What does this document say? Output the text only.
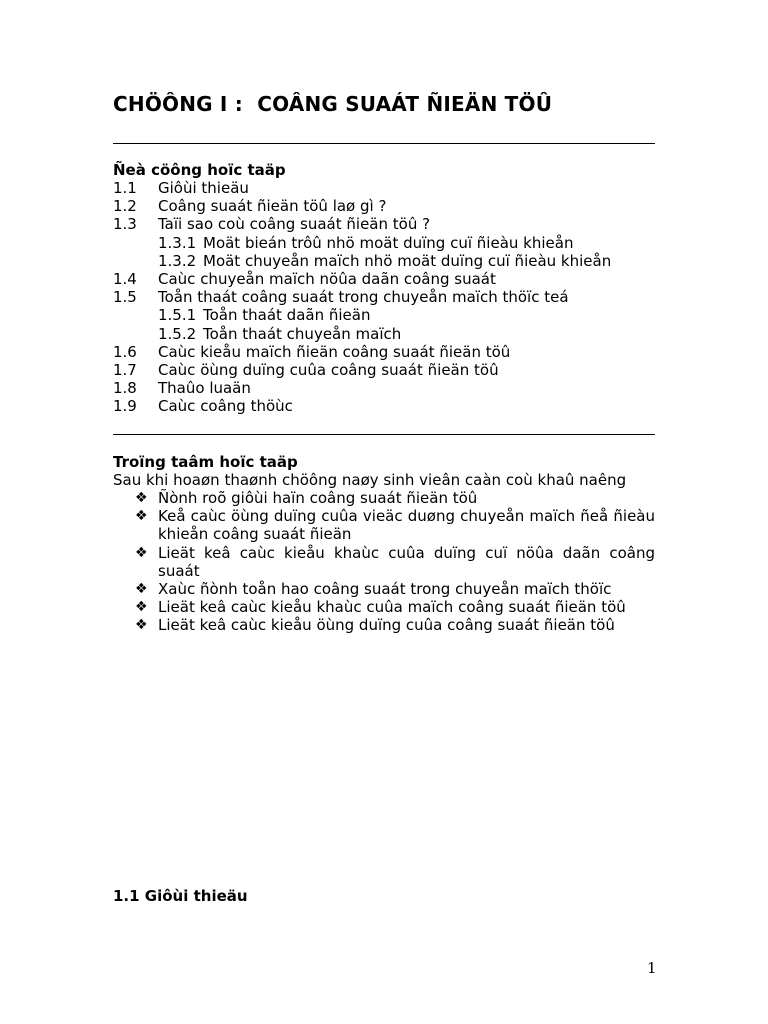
CHÖÔNG I :  COÂNG SUAÁT ÑIEÄN TÖÛ
Ñeà cöông hoïc taäp
1.1 Giôùi thieäu
1.2 Coâng suaát ñieän töû laø gì ?
1.3 Taïi sao coù coâng suaát ñieän töû ?
1.3.1 Moät bieán trôû nhö moät duïng cuï ñieàu khieån
1.3.2 Moät chuyeån maïch nhö moät duïng cuï ñieàu khieån
1.4 Caùc chuyeån maïch nöûa daãn coâng suaát
1.5 Toån thaát coâng suaát trong chuyeån maïch thöïc teá
1.5.1 Toån thaát daãn ñieän
1.5.2 Toån thaát chuyeån maïch
1.6 Caùc kieåu maïch ñieän coâng suaát ñieän töû
1.7 Caùc öùng duïng cuûa coâng suaát ñieän töû
1.8 Thaûo luaän
1.9 Caùc coâng thöùc
Troïng taâm hoïc taäp
Sau khi hoaøn thaønh chöông naøy sinh vieân caàn coù khaû naêng
❖ Ñònh roõ giôùi haïn coâng suaát ñieän töû
❖ Keå caùc öùng duïng cuûa vieäc duøng chuyeån maïch ñeå ñieàu khieån coâng suaát ñieän
❖ Lieät keâ caùc kieåu khaùc cuûa duïng cuï nöûa daãn coâng suaát
❖ Xaùc ñònh toån hao coâng suaát trong chuyeån maïch thöïc
❖ Lieät keâ caùc kieåu khaùc cuûa maïch coâng suaát ñieän töû
❖ Lieät keâ caùc kieåu öùng duïng cuûa coâng suaát ñieän töû
1.1 Giôùi thieäu
1
